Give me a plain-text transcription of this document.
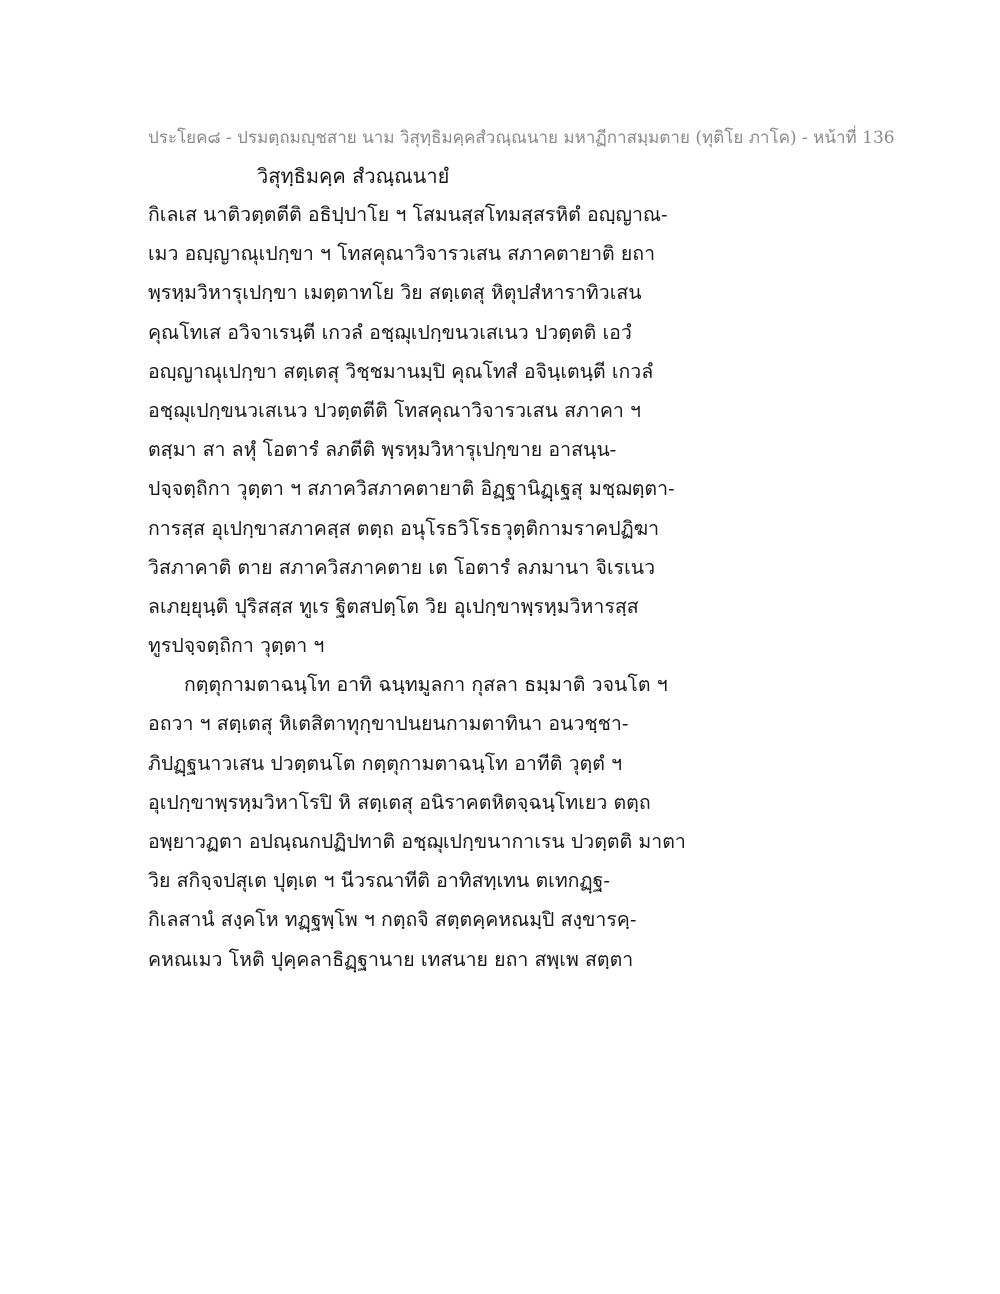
ประโยค๘ - ปรมตฺถมญฺชสาย นาม วิสุทฺธิมคฺคสํวณฺณนาย มหาฏีกาสมฺมตาย (ทุติโย ภาโค) - หน้าที่ 136
วิสุทฺธิมคฺค สํวณฺณนายํ
กิเลเส นาติวตฺตตีติ อธิปฺปาโย ฯ โสมนสฺสโทมสฺสรหิตํ อญฺญาณ-
เมว อญฺญาณุเปกฺขา ฯ โทสคุณาวิจารวเสน สภาคตายาติ ยถา
พฺรหฺมวิหารุเปกฺขา เมตฺตาทโย วิย สตฺเตสุ หิตุปสํหาราทิวเสน
คุณโทเส อวิจาเรนฺตี เกวลํ อชฺฌุเปกฺขนวเสเนว ปวตฺตติ เอวํ
อญฺญาณุเปกฺขา สตฺเตสุ วิชฺชมานมฺปิ คุณโทสํ อจินฺเตนฺตี เกวลํ
อชฺฌุเปกฺขนวเสเนว ปวตฺตตีติ โทสคุณาวิจารวเสน สภาคา ฯ
ตสฺมา สา ลหุํ โอตารํ ลภตีติ พฺรหฺมวิหารุเปกฺขาย อาสนฺน-
ปจฺจตฺถิกา วุตฺตา ฯ สภาควิสภาคตายาติ อิฏฺฐานิฏฺเฐสุ มชฺฌตฺตา-
การสฺส อุเปกฺขาสภาคสฺส ตตฺถ อนุโรธวิโรธวุตฺติกามราคปฏิฆา
วิสภาคาติ ตาย สภาควิสภาคตาย เต โอตารํ ลภมานา จิเรเนว
ลเภยฺยุนฺติ ปุริสสฺส ทูเร ฐิตสปตฺโต วิย อุเปกฺขาพฺรหฺมวิหารสฺส
ทูรปจฺจตฺถิกา วุตฺตา ฯ
กตฺตุกามตาฉนฺโท อาทิ ฉนฺทมูลกา กุสลา ธมฺมาติ วจนโต ฯ
อถวา ฯ สตฺเตสุ หิเตสิตาทุกฺขาปนยนกามตาทินา อนวชฺชา-
ภิปฏฺฐนาวเสน ปวตฺตนโต กตฺตุกามตาฉนฺโท อาทีติ วุตฺตํ ฯ
อุเปกฺขาพฺรหฺมวิหาโรปิ หิ สตฺเตสุ อนิราคตหิตจฺฉนฺโทเยว ตตฺถ
อพฺยาวฏตา อปณฺณกปฏิปทาติ อชฺฌุเปกฺขนากาเรน ปวตฺตติ มาตา
วิย สกิจฺจปสุเต ปุตฺเต ฯ นีวรณาทีติ อาทิสทฺเทน ตเทกฏฺฐ-
กิเลสานํ สงฺคโห ทฏฺฐพฺโพ ฯ กตฺถจิ สตฺตคฺคหณมฺปิ สงฺขารคฺ-
คหณเมว โหติ ปุคฺคลาธิฏฺฐานาย เทสนาย ยถา สพฺเพ สตฺตา
